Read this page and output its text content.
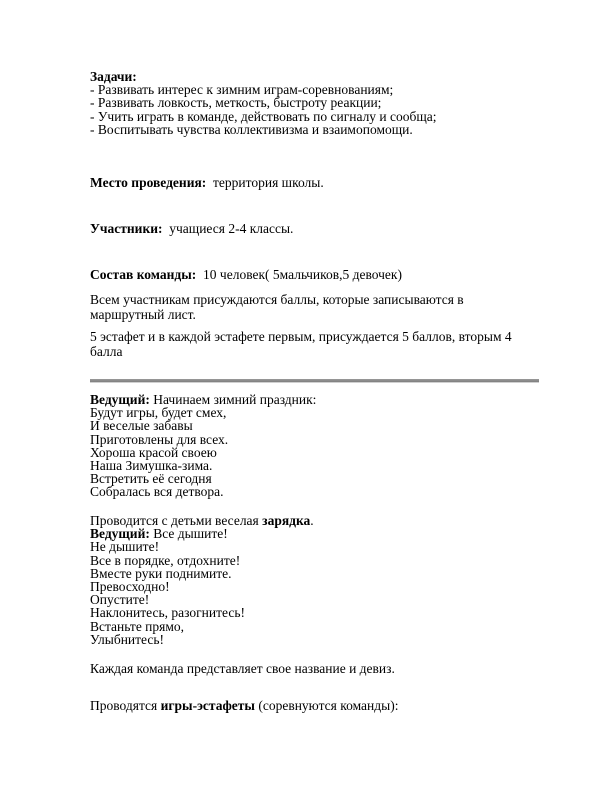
Задачи:
- Развивать интерес к зимним играм-соревнованиям;
- Развивать ловкость, меткость, быстроту реакции;
- Учить играть в команде, действовать по сигналу и сообща;
- Воспитывать чувства коллективизма и взаимопомощи.
Место проведения: территория школы.
Участники: учащиеся 2-4 классы.
Состав команды: 10 человек( 5мальчиков,5 девочек)
Всем участникам присуждаются баллы, которые записываются в маршрутный лист.
5 эстафет и в каждой эстафете первым, присуждается 5 баллов, вторым 4 балла
Ведущий: Начинаем зимний праздник:
Будут игры, будет смех,
И веселые забавы
Приготовлены для всех.
Хороша красой своею
Наша Зимушка-зима.
Встретить её сегодня
Собралась вся детвора.
Проводится с детьми веселая зарядка.
Ведущий: Все дышите!
Не дышите!
Все в порядке, отдохните!
Вместе руки поднимите.
Превосходно!
Опустите!
Наклонитесь, разогнитесь!
Встаньте прямо,
Улыбнитесь!
Каждая команда представляет свое название и девиз.
Проводятся игры-эстафеты (соревнуются команды):
